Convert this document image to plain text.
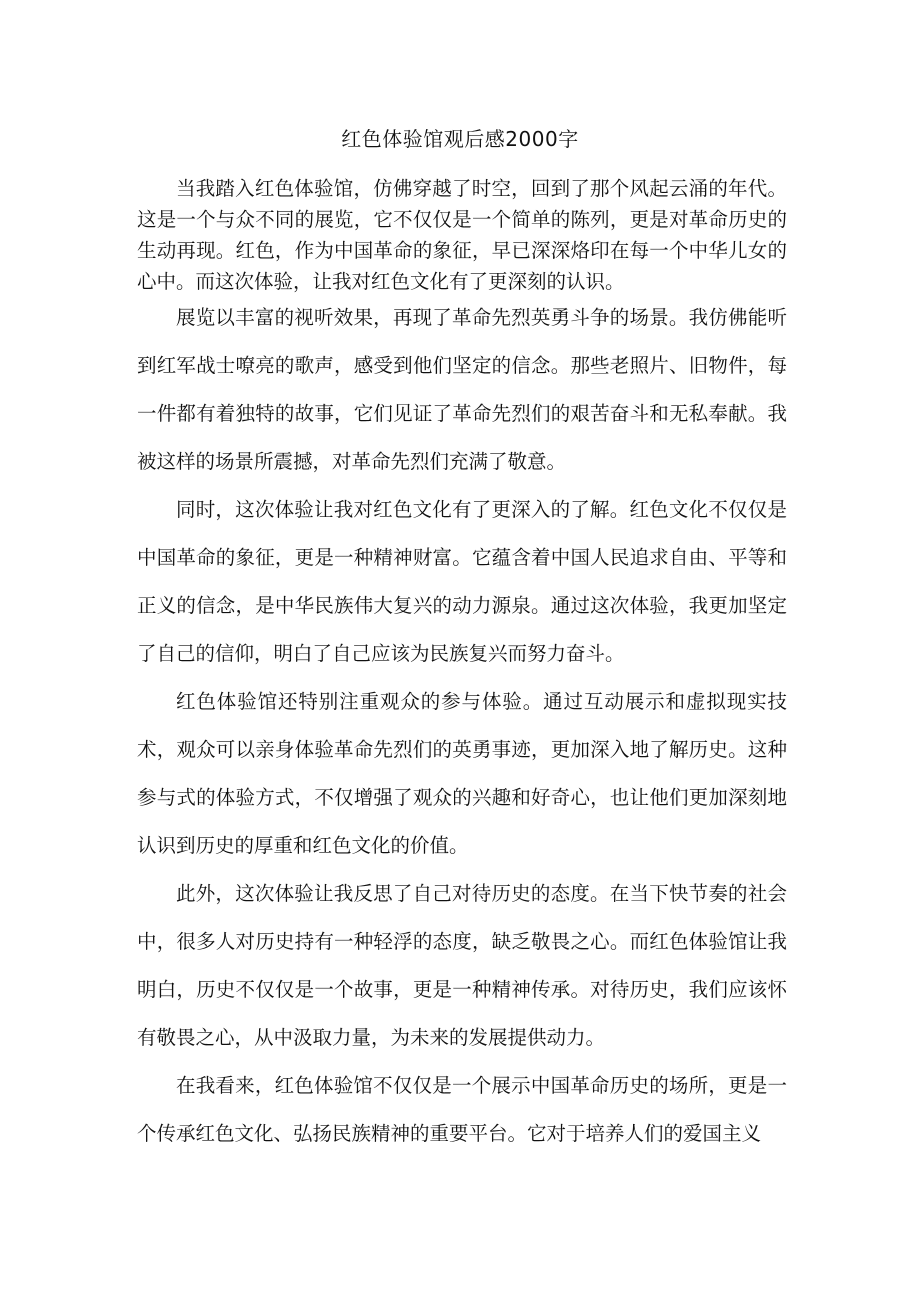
红色体验馆观后感2000字

当我踏入红色体验馆，仿佛穿越了时空，回到了那个风起云涌的年代。这是一个与众不同的展览，它不仅仅是一个简单的陈列，更是对革命历史的生动再现。红色，作为中国革命的象征，早已深深烙印在每一个中华儿女的心中。而这次体验，让我对红色文化有了更深刻的认识。

展览以丰富的视听效果，再现了革命先烈英勇斗争的场景。我仿佛能听到红军战士嘹亮的歌声，感受到他们坚定的信念。那些老照片、旧物件，每一件都有着独特的故事，它们见证了革命先烈们的艰苦奋斗和无私奉献。我被这样的场景所震撼，对革命先烈们充满了敬意。

同时，这次体验让我对红色文化有了更深入的了解。红色文化不仅仅是中国革命的象征，更是一种精神财富。它蕴含着中国人民追求自由、平等和正义的信念，是中华民族伟大复兴的动力源泉。通过这次体验，我更加坚定了自己的信仰，明白了自己应该为民族复兴而努力奋斗。

红色体验馆还特别注重观众的参与体验。通过互动展示和虚拟现实技术，观众可以亲身体验革命先烈们的英勇事迹，更加深入地了解历史。这种参与式的体验方式，不仅增强了观众的兴趣和好奇心，也让他们更加深刻地认识到历史的厚重和红色文化的价值。

此外，这次体验让我反思了自己对待历史的态度。在当下快节奏的社会中，很多人对历史持有一种轻浮的态度，缺乏敬畏之心。而红色体验馆让我明白，历史不仅仅是一个故事，更是一种精神传承。对待历史，我们应该怀有敬畏之心，从中汲取力量，为未来的发展提供动力。

在我看来，红色体验馆不仅仅是一个展示中国革命历史的场所，更是一个传承红色文化、弘扬民族精神的重要平台。它对于培养人们的爱国主义
